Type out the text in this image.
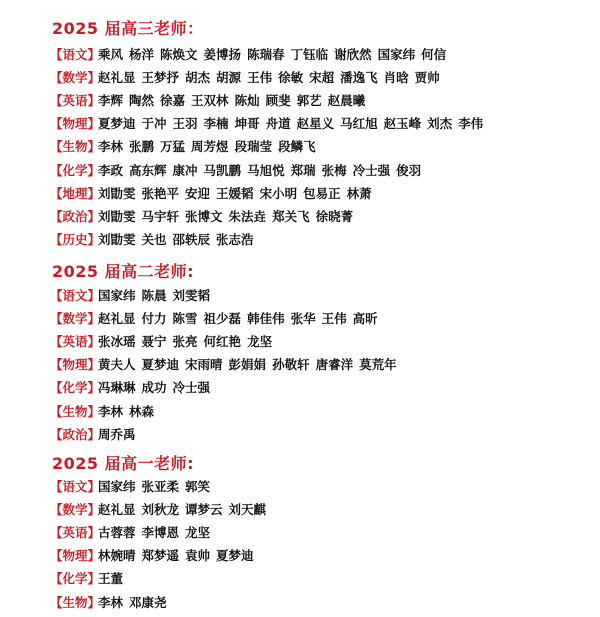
2025 届高三老师：
【语文】
乘风 杨洋 陈焕文 姜博扬 陈瑞春 丁钰临 谢欣然 国家纬 何信
【数学】
赵礼显 王梦抒 胡杰 胡源 王伟 徐敏 宋超 潘逸飞 肖晗 贾帅
【英语】
李辉 陶然 徐嘉 王双林 陈灿 顾斐 郭艺 赵晨曦
【物理】
夏梦迪 于冲 王羽 李楠 坤哥 舟道 赵星义 马红旭 赵玉峰 刘杰 李伟
【生物】
李林 张鹏 万猛 周芳煜 段瑞莹 段鳞飞
【化学】
李政 高东辉 康冲 马凯鹏 马旭悦 郑瑞 张梅 冷士强 俊羽
【地理】
刘勖雯 张艳平 安迎 王媛韬 宋小明 包易正 林萧
【政治】
刘勖雯 马宇轩 张博文 朱法垚 郑关飞 徐晓菁
【历史】
刘勖雯 关也 邵轶辰 张志浩
2025 届高二老师:
【语文】
国家纬 陈晨 刘雯韬
【数学】
赵礼显 付力 陈雪 祖少磊 韩佳伟 张华 王伟 高昕
【英语】
张冰瑶 聂宁 张亮 何红艳 龙坚
【物理】
黄夫人 夏梦迪 宋雨晴 彭娟娟 孙敬轩 唐睿洋 莫荒年
【化学】
冯琳琳 成功 冷士强
【生物】
李林 林森
【政治】
周乔禹
2025 届高一老师:
【语文】
国家纬 张亚柔 郭笑
【数学】
赵礼显 刘秋龙 谭梦云 刘天麒
【英语】
古蓉蓉 李博恩 龙坚
【物理】
林婉晴 郑梦遥 袁帅 夏梦迪
【化学】
王董
【生物】
李林 邓康尧
